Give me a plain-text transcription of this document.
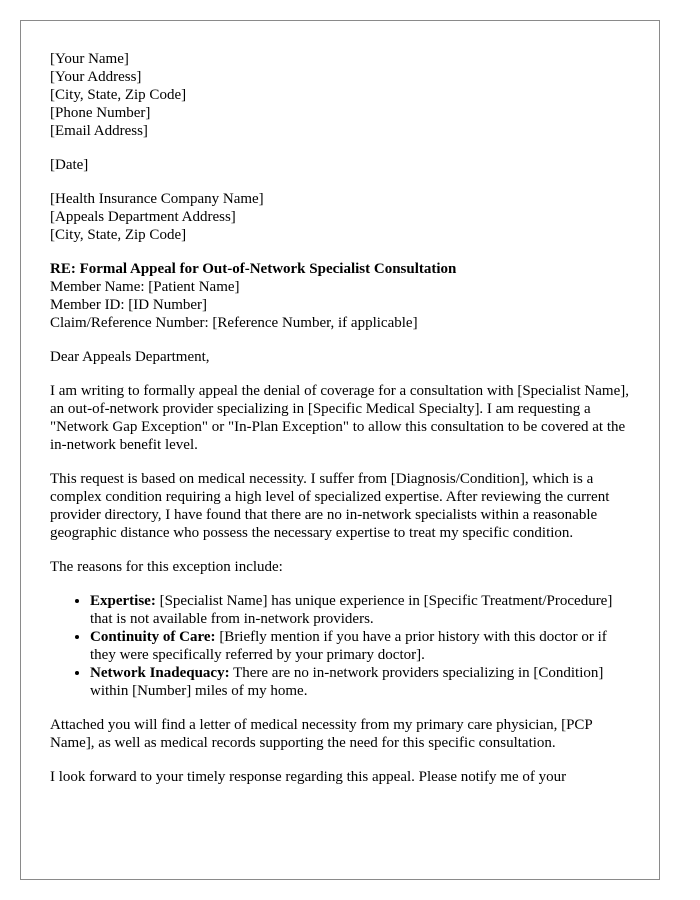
[Your Name]
[Your Address]
[City, State, Zip Code]
[Phone Number]
[Email Address]
[Date]
[Health Insurance Company Name]
[Appeals Department Address]
[City, State, Zip Code]
RE: Formal Appeal for Out-of-Network Specialist Consultation
Member Name: [Patient Name]
Member ID: [ID Number]
Claim/Reference Number: [Reference Number, if applicable]

Dear Appeals Department,

I am writing to formally appeal the denial of coverage for a consultation with [Specialist Name], an out-of-network provider specializing in [Specific Medical Specialty]. I am requesting a "Network Gap Exception" or "In-Plan Exception" to allow this consultation to be covered at the in-network benefit level.

This request is based on medical necessity. I suffer from [Diagnosis/Condition], which is a complex condition requiring a high level of specialized expertise. After reviewing the current provider directory, I have found that there are no in-network specialists within a reasonable geographic distance who possess the necessary expertise to treat my specific condition.

The reasons for this exception include:

• Expertise: [Specialist Name] has unique experience in [Specific Treatment/Procedure] that is not available from in-network providers.
• Continuity of Care: [Briefly mention if you have a prior history with this doctor or if they were specifically referred by your primary doctor].
• Network Inadequacy: There are no in-network providers specializing in [Condition] within [Number] miles of my home.

Attached you will find a letter of medical necessity from my primary care physician, [PCP Name], as well as medical records supporting the need for this specific consultation.

I look forward to your timely response regarding this appeal. Please notify me of your
